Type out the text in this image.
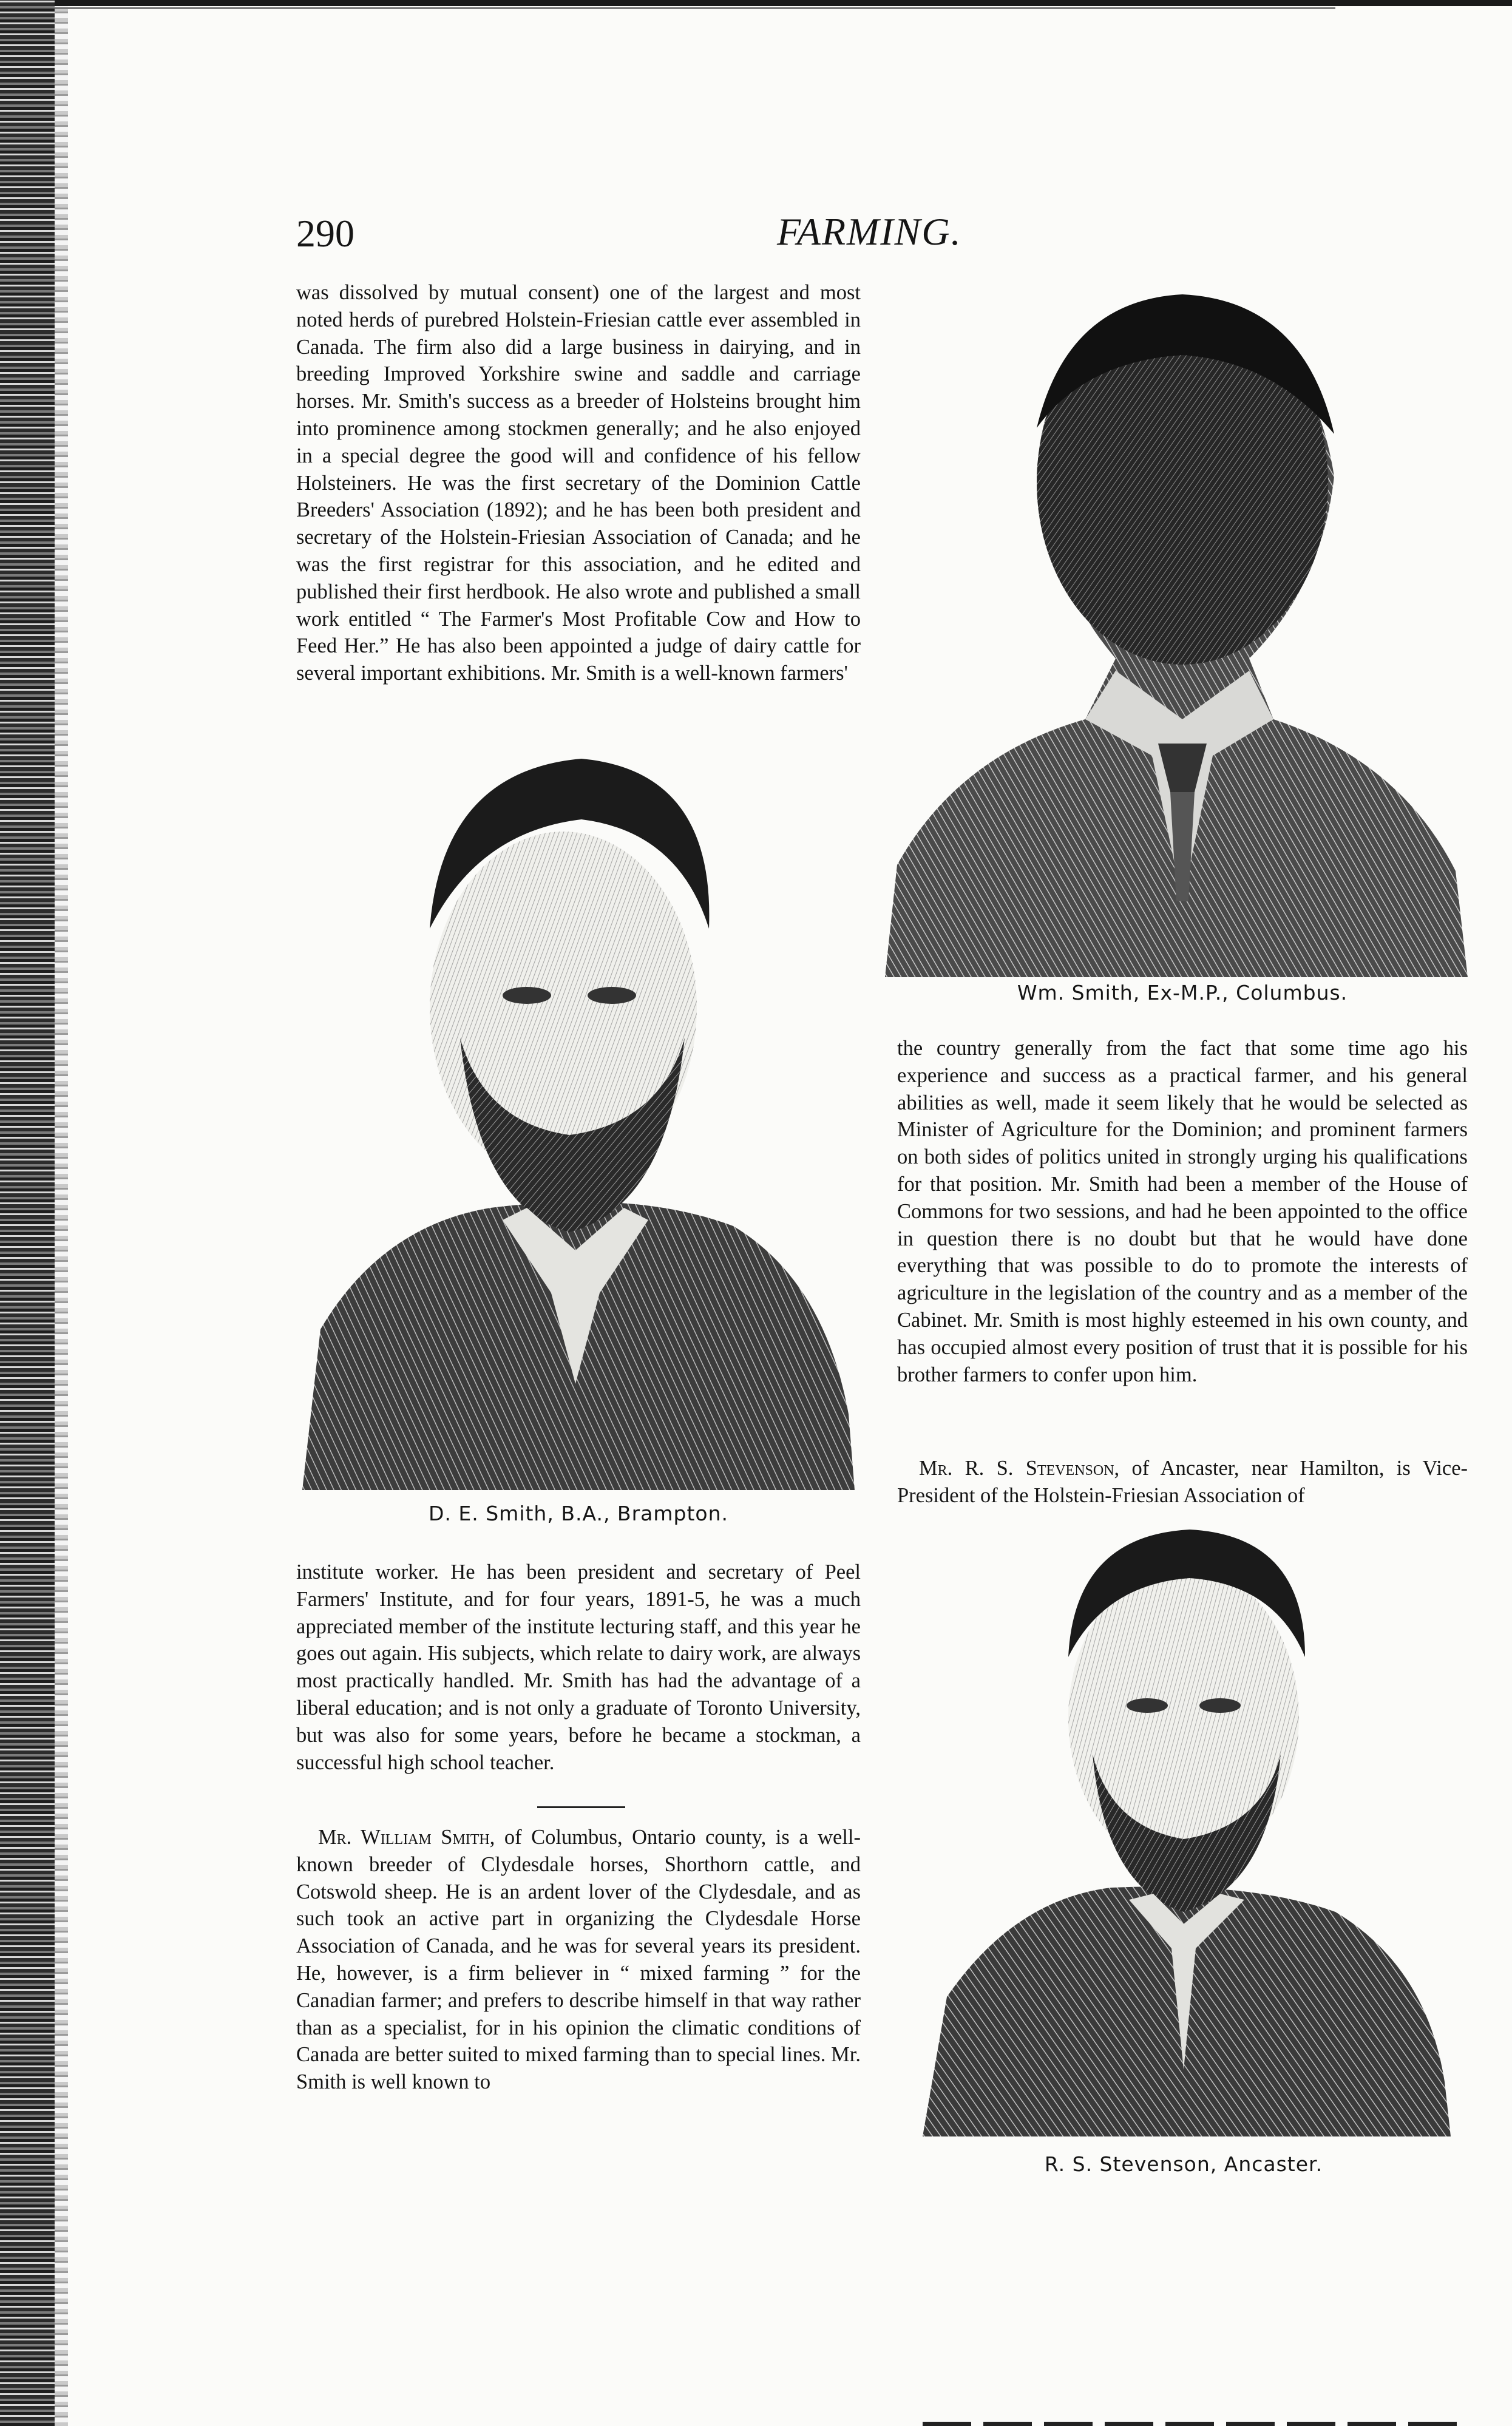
290	FARMING.

was dissolved by mutual consent) one of the largest and most noted herds of purebred Holstein-Friesian cattle ever assembled in Canada. The firm also did a large business in dairying, and in breeding Improved Yorkshire swine and saddle and carriage horses. Mr. Smith's success as a breeder of Holsteins brought him into prominence among stockmen generally; and he also enjoyed in a special degree the good will and confidence of his fellow Holsteiners. He was the first secretary of the Dominion Cattle Breeders' Association (1892); and he has been both president and secretary of the Holstein-Friesian Association of Canada; and he was the first registrar for this association, and he edited and published their first herdbook. He also wrote and published a small work entitled “ The Farmer's Most Profitable Cow and How to Feed Her.” He has also been appointed a judge of dairy cattle for several important exhibitions. Mr. Smith is a well-known farmers'

Wm. Smith, Ex-M.P., Columbus.

the country generally from the fact that some time ago his experience and success as a practical farmer, and his general abilities as well, made it seem likely that he would be selected as Minister of Agriculture for the Dominion; and prominent farmers on both sides of politics united in strongly urging his qualifications for that position. Mr. Smith had been a member of the House of Commons for two sessions, and had he been appointed to the office in question there is no doubt but that he would have done everything that was possible to do to promote the interests of agriculture in the legislation of the country and as a member of the Cabinet. Mr. Smith is most highly esteemed in his own county, and has occupied almost every position of trust that it is possible for his brother farmers to confer upon him.

D. E. Smith, B.A., Brampton.

institute worker. He has been president and secretary of Peel Farmers' Institute, and for four years, 1891-5, he was a much appreciated member of the institute lecturing staff, and this year he goes out again. His subjects, which relate to dairy work, are always most practically handled. Mr. Smith has had the advantage of a liberal education; and is not only a graduate of Toronto University, but was also for some years, before he became a stockman, a successful high school teacher.

Mr. William Smith, of Columbus, Ontario county, is a well-known breeder of Clydesdale horses, Shorthorn cattle, and Cotswold sheep. He is an ardent lover of the Clydesdale, and as such took an active part in organizing the Clydesdale Horse Association of Canada, and he was for several years its president. He, however, is a firm believer in “ mixed farming ” for the Canadian farmer; and prefers to describe himself in that way rather than as a specialist, for in his opinion the climatic conditions of Canada are better suited to mixed farming than to special lines. Mr. Smith is well known to

Mr. R. S. Stevenson, of Ancaster, near Hamilton, is Vice-President of the Holstein-Friesian Association of

R. S. Stevenson, Ancaster.
